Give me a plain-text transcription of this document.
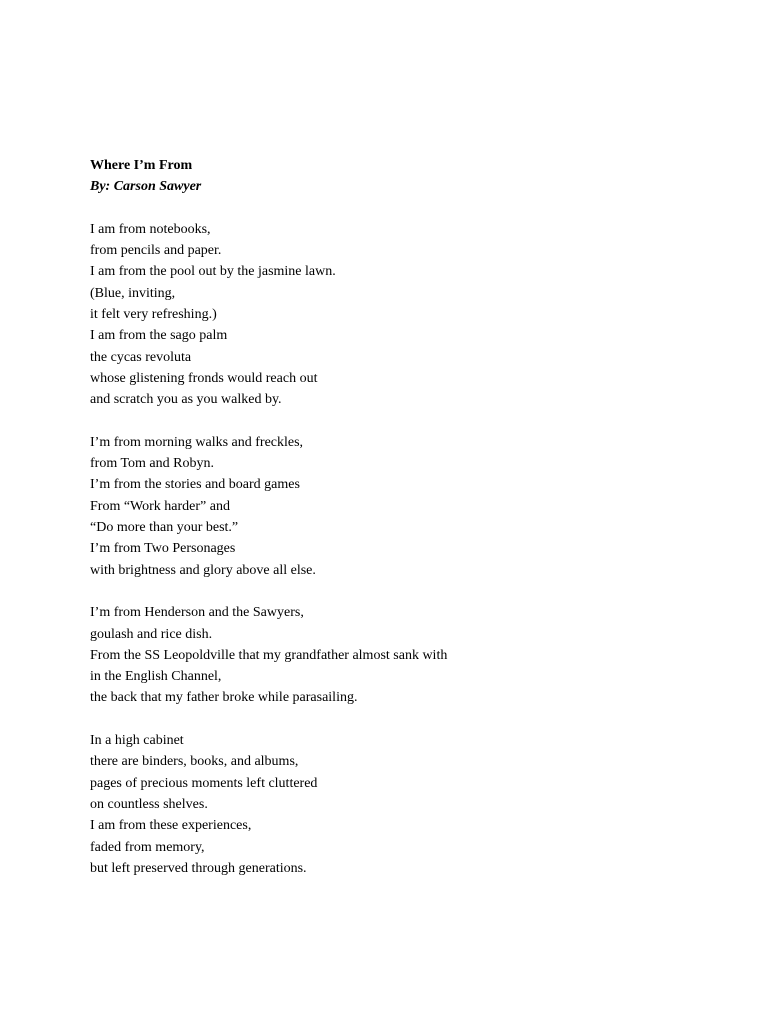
Where I’m From
By: Carson Sawyer
I am from notebooks,
from pencils and paper.
I am from the pool out by the jasmine lawn.
(Blue, inviting,
it felt very refreshing.)
I am from the sago palm
the cycas revoluta
whose glistening fronds would reach out
and scratch you as you walked by.
I’m from morning walks and freckles,
from Tom and Robyn.
I’m from the stories and board games
From “Work harder” and
“Do more than your best.”
I’m from Two Personages
with brightness and glory above all else.
I’m from Henderson and the Sawyers,
goulash and rice dish.
From the SS Leopoldville that my grandfather almost sank with
in the English Channel,
the back that my father broke while parasailing.
In a high cabinet
there are binders, books, and albums,
pages of precious moments left cluttered
on countless shelves.
I am from these experiences,
faded from memory,
but left preserved through generations.
